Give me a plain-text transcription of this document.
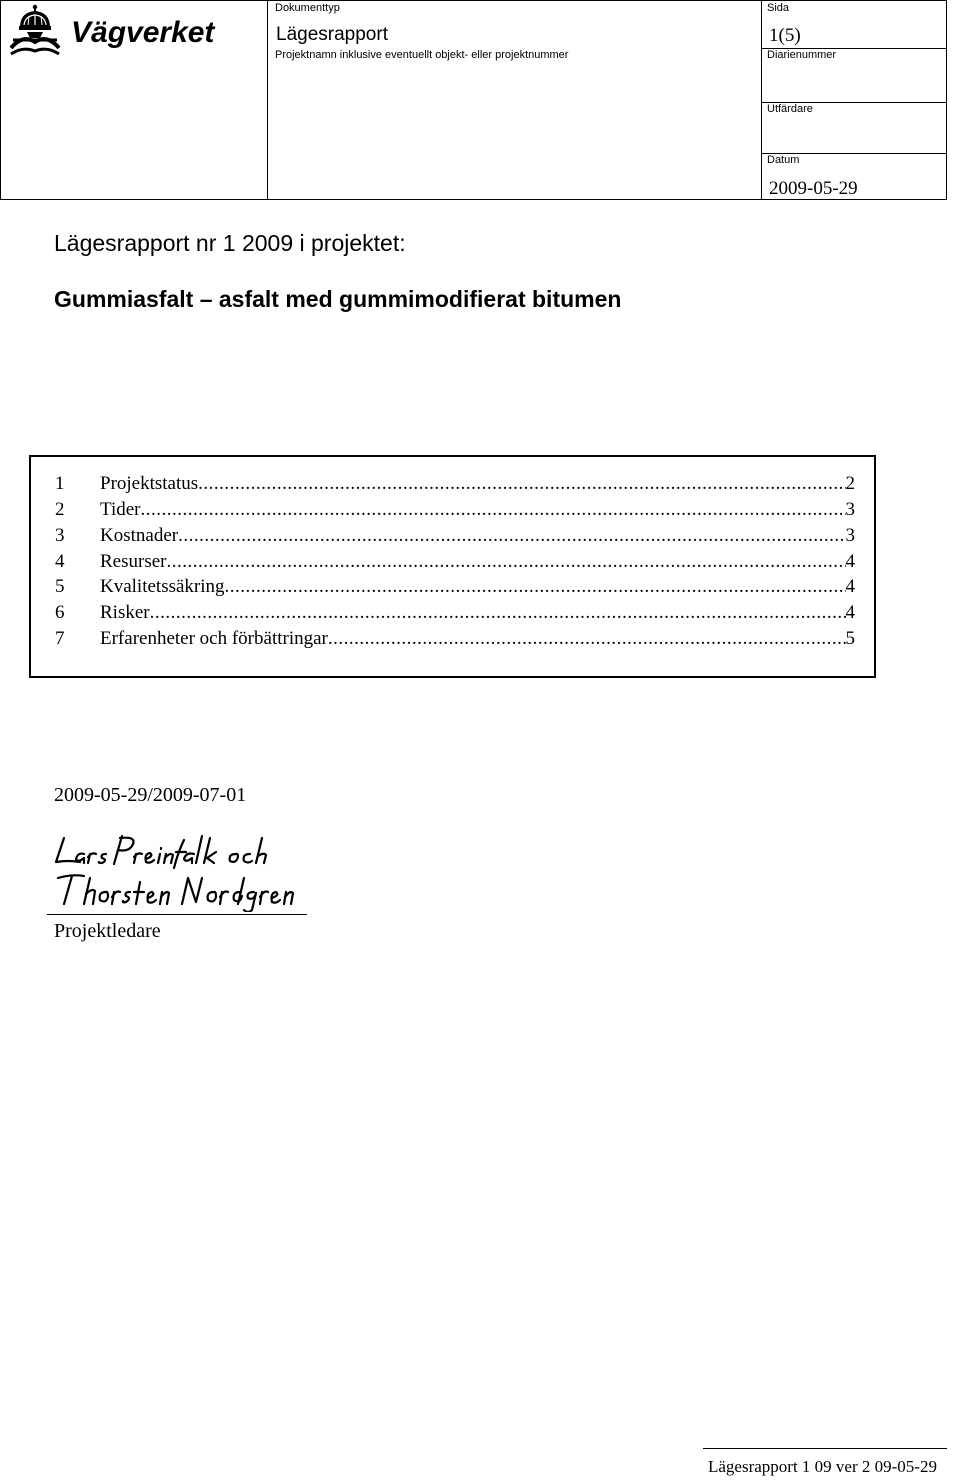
Vägverket
Dokumenttyp
Lägesrapport
Projektnamn inklusive eventuellt objekt- eller projektnummer
Sida
1(5)
Diarienummer
Utfärdare
Datum
2009-05-29
Lägesrapport nr 1 2009 i projektet:
Gummiasfalt – asfalt med gummimodifierat bitumen
1	Projektstatus .....	2
2	Tider .....	3
3	Kostnader .....	3
4	Resurser .....	4
5	Kvalitetssäkring .....	4
6	Risker .....	4
7	Erfarenheter och förbättringar .....	5
2009-05-29/2009-07-01
Projektledare
Lägesrapport 1 09 ver 2 09-05-29
